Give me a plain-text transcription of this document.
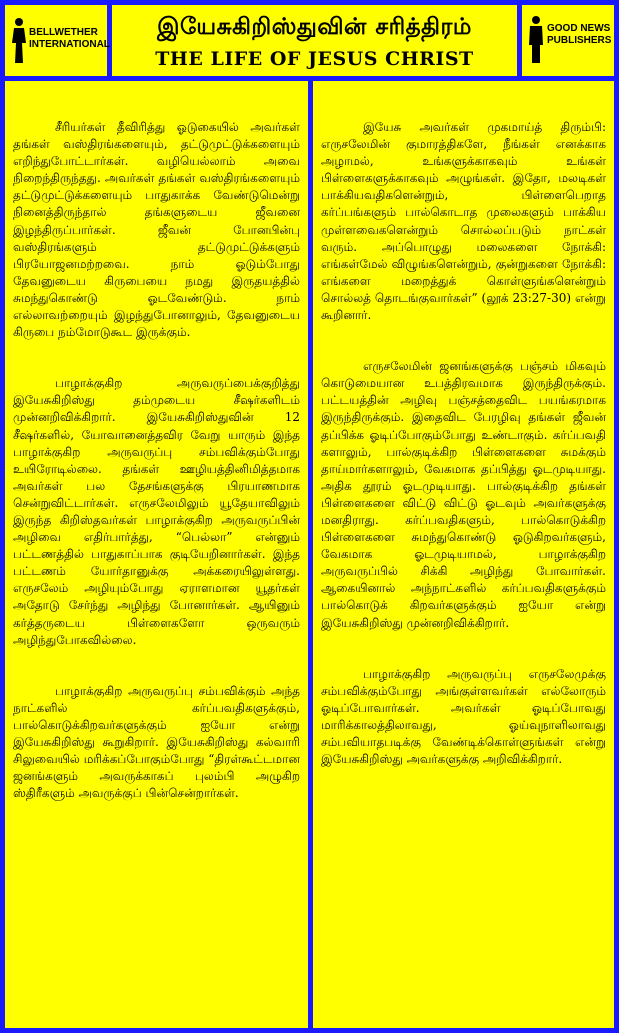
BELLWETHER
INTERNATIONAL
இயேசுகிறிஸ்துவின் சரித்திரம்
THE LIFE OF JESUS CHRIST
GOOD NEWS
PUBLISHERS

சீரியர்கள் தீவிரித்து ஓடுகையில் அவர்கள் தங்கள் வஸ்திரங்களையும், தட்டுமுட்டுக்களையும் எறிந்துபோட்டார்கள். வழியெல்லாம் அவை நிறைந்திருந்தது. அவர்கள் தங்கள் வஸ்திரங்களையும் தட்டுமுட்டுக்களையும் பாதுகாக்க வேண்டுமென்று நினைத்திருந்தால் தங்களுடைய ஜீவனை இழந்திருப்பார்கள். ஜீவன் போனபின்பு வஸ்திரங்களும் தட்டுமுட்டுக்களும் பிரயோஜனமற்றவை. நாம் ஓடும்போது தேவனுடைய கிருபையை நமது இருதயத்தில் சுமந்துகொண்டு ஓடவேண்டும். நாம் எல்லாவற்றையும் இழந்துபோனாலும், தேவனுடைய கிருபை நம்மோடுகூட இருக்கும்.

பாழாக்குகிற அருவருப்பைக்குறித்து இயேசுகிறிஸ்து தம்முடைய சீஷர்களிடம் முன்னறிவிக்கிறார். இயேசுகிறிஸ்துவின் 12 சீஷர்களில், யோவானைத்தவிர வேறு யாரும் இந்த பாழாக்குகிற அருவருப்பு சம்பவிக்கும்போது உயிரோடில்லை. தங்கள் ஊழியத்தினிமித்தமாக அவர்கள் பல தேசங்களுக்கு பிரயாணமாக சென்றுவிட்டார்கள். எருசலேமிலும் யூதேயாவிலும் இருந்த கிறிஸ்தவர்கள் பாழாக்குகிற அருவருப்பின் அழிவை எதிர்பார்த்து, “பெல்லா” என்னும் பட்டணத்தில் பாதுகாப்பாக குடியேறினார்கள். இந்த பட்டணம் யோர்தானுக்கு அக்கரையிலுள்ளது. எருசலேம் அழியும்போது ஏராளமான யூதர்கள் அதோடு சேர்ந்து அழிந்து போனார்கள். ஆயினும் கர்த்தருடைய பிள்ளைகளோ ஒருவரும் அழிந்துபோகவில்லை.

பாழாக்குகிற அருவருப்பு சம்பவிக்கும் அந்த நாட்களில் கர்ப்பவதிகளுக்கும், பால்கொடுக்கிறவர்களுக்கும் ஐயோ என்று இயேசுகிறிஸ்து கூறுகிறார். இயேசுகிறிஸ்து கல்வாரி சிலுவையில் மரிக்கப்போகும்போது “திரள்கூட்டமான ஜனங்களும் அவருக்காகப் புலம்பி அழுகிற ஸ்திரீகளும் அவருக்குப் பின்சென்றார்கள்.

இயேசு அவர்கள் முகமாய்த் திரும்பி: எருசலேமின் குமாரத்திகளே, நீங்கள் எனக்காக அழாமல், உங்களுக்காகவும் உங்கள் பிள்ளைகளுக்காகவும் அழுங்கள். இதோ, மலடிகள் பாக்கியவதிகளென்றும், பிள்ளைபெறாத கர்ப்பங்களும் பால்கொடாத முலைகளும் பாக்கிய முள்ளவைகளென்றும் சொல்லப்படும் நாட்கள் வரும். அப்பொழுது மலைகளை நோக்கி: எங்கள்மேல் விழுங்களென்றும், குன்றுகளை நோக்கி: எங்களை மறைத்துக் கொள்ளுங்களென்றும் சொல்லத் தொடங்குவார்கள்” (லூக் 23:27-30) என்று கூறினார்.

எருசலேமின் ஜனங்களுக்கு பஞ்சம் மிகவும் கொடுமையான உபத்திரவமாக இருந்திருக்கும். பட்டயத்தின் அழிவு பஞ்சத்தைவிட பயங்கரமாக இருந்திருக்கும். இதைவிட பேரழிவு தங்கள் ஜீவன் தப்பிக்க ஓடிப்போகும்போது உண்டாகும். கர்ப்பவதி களாலும், பால்குடிக்கிற பிள்ளைகளை சுமக்கும் தாய்மார்களாலும், வேகமாக தப்பித்து ஓடமுடியாது. அதிக தூரம் ஓடமுடியாது. பால்குடிக்கிற தங்கள் பிள்ளைகளை விட்டு விட்டு ஓடவும் அவர்களுக்கு மனதிராது. கர்ப்பவதிகளும், பால்கொடுக்கிற பிள்ளைகளை சுமந்துகொண்டு ஓடுகிறவர்களும், வேகமாக ஓடமுடியாமல், பாழாக்குகிற அருவருப்பில் சிக்கி அழிந்து போவார்கள். ஆகையினால் அந்நாட்களில் கர்ப்பவதிகளுக்கும் பால்கொடுக் கிறவர்களுக்கும் ஐயோ என்று இயேசுகிறிஸ்து முன்னறிவிக்கிறார்.

பாழாக்குகிற அருவருப்பு எருசலேமுக்கு சம்பவிக்கும்போது அங்குள்ளவர்கள் எல்லோரும் ஓடிப்போவார்கள். அவர்கள் ஓடிப்போவது மாரிக்காலத்திலாவது, ஓய்வுநாளிலாவது சம்பவியாதபடிக்கு வேண்டிக்கொள்ளுங்கள் என்று இயேசுகிறிஸ்து அவர்களுக்கு அறிவிக்கிறார்.
